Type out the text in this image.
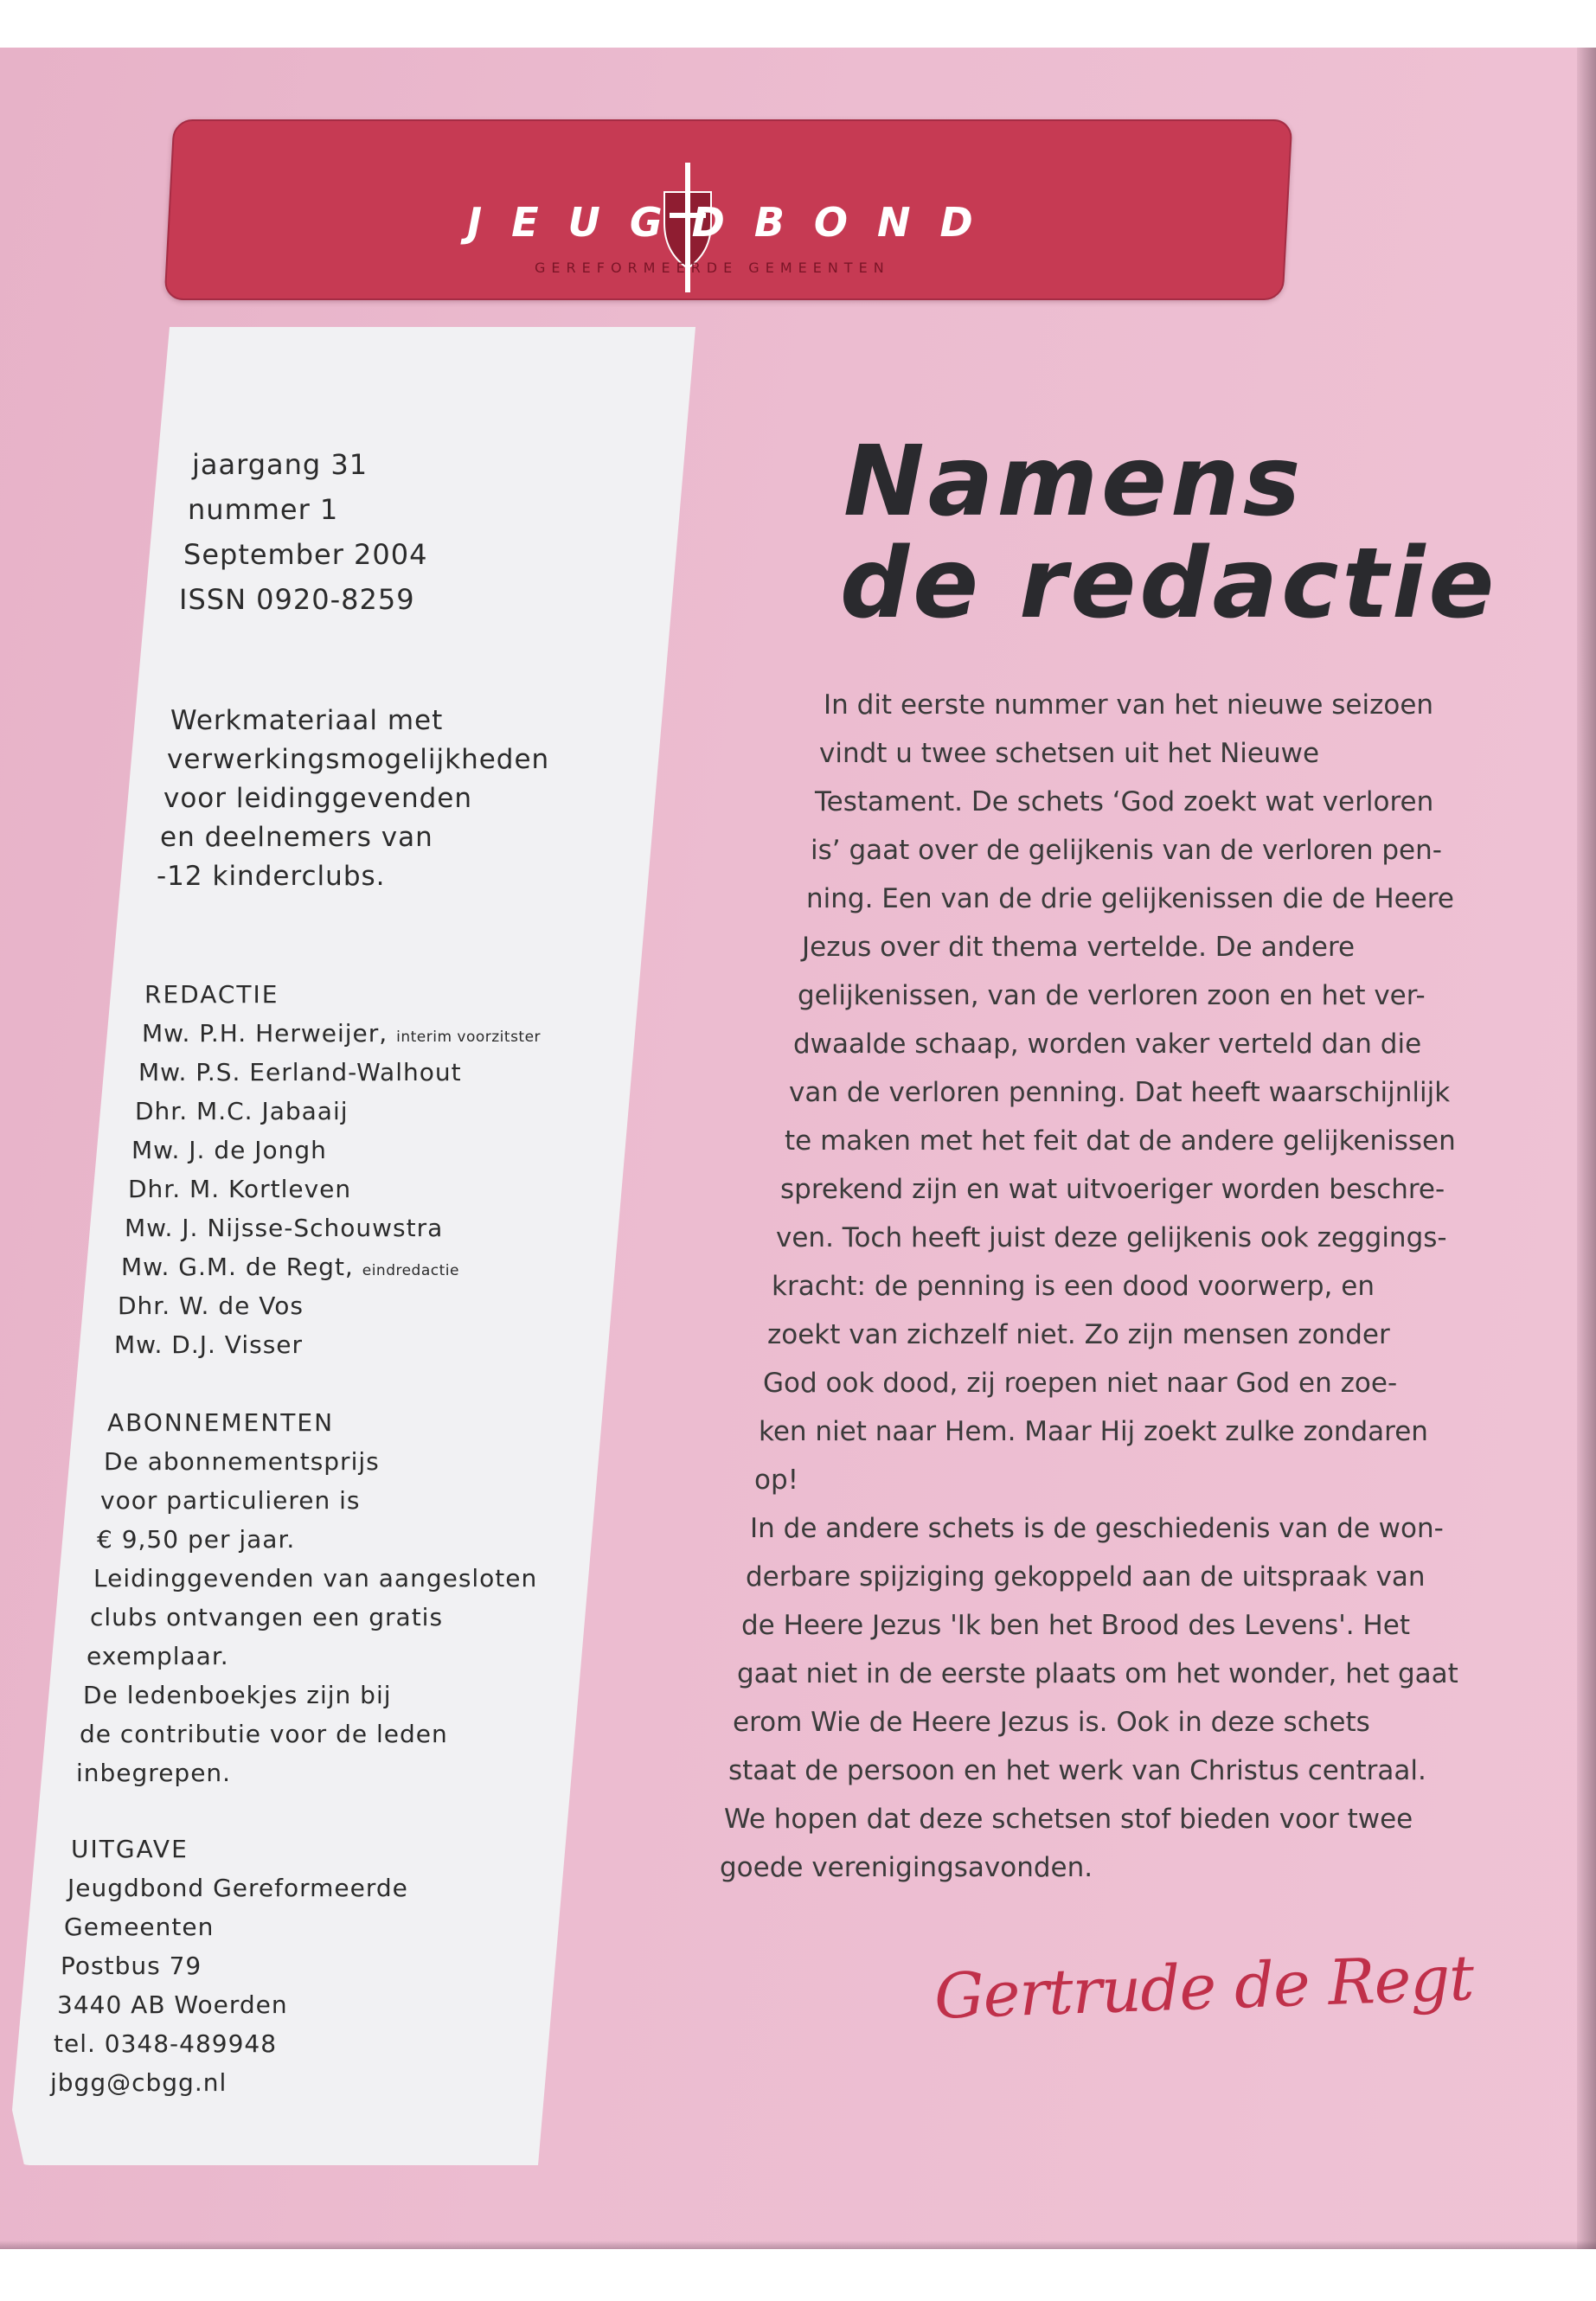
JEUGDBOND
GEREFORMEERDE GEMEENTEN
jaargang 31
nummer 1
September 2004
ISSN 0920-8259
Werkmateriaal met
verwerkingsmogelijkheden
voor leidinggevenden
en deelnemers van
-12 kinderclubs.
REDACTIE
Mw. P.H. Herweijer, interim voorzitster
Mw. P.S. Eerland-Walhout
Dhr. M.C. Jabaaij
Mw. J. de Jongh
Dhr. M. Kortleven
Mw. J. Nijsse-Schouwstra
Mw. G.M. de Regt, eindredactie
Dhr. W. de Vos
Mw. D.J. Visser
ABONNEMENTEN
De abonnementsprijs
voor particulieren is
€ 9,50 per jaar.
Leidinggevenden van aangesloten
clubs ontvangen een gratis
exemplaar.
De ledenboekjes zijn bij
de contributie voor de leden
inbegrepen.
UITGAVE
Jeugdbond Gereformeerde
Gemeenten
Postbus 79
3440 AB Woerden
tel. 0348-489948
jbgg@cbgg.nl
Namens
de redactie
In dit eerste nummer van het nieuwe seizoen
vindt u twee schetsen uit het Nieuwe
Testament. De schets ‘God zoekt wat verloren
is’ gaat over de gelijkenis van de verloren pen-
ning. Een van de drie gelijkenissen die de Heere
Jezus over dit thema vertelde. De andere
gelijkenissen, van de verloren zoon en het ver-
dwaalde schaap, worden vaker verteld dan die
van de verloren penning. Dat heeft waarschijnlijk
te maken met het feit dat de andere gelijkenissen
sprekend zijn en wat uitvoeriger worden beschre-
ven. Toch heeft juist deze gelijkenis ook zeggings-
kracht: de penning is een dood voorwerp, en
zoekt van zichzelf niet. Zo zijn mensen zonder
God ook dood, zij roepen niet naar God en zoe-
ken niet naar Hem. Maar Hij zoekt zulke zondaren
op!
In de andere schets is de geschiedenis van de won-
derbare spijziging gekoppeld aan de uitspraak van
de Heere Jezus 'Ik ben het Brood des Levens'. Het
gaat niet in de eerste plaats om het wonder, het gaat
erom Wie de Heere Jezus is. Ook in deze schets
staat de persoon en het werk van Christus centraal.
We hopen dat deze schetsen stof bieden voor twee
goede verenigingsavonden.
Gertrude de Regt
